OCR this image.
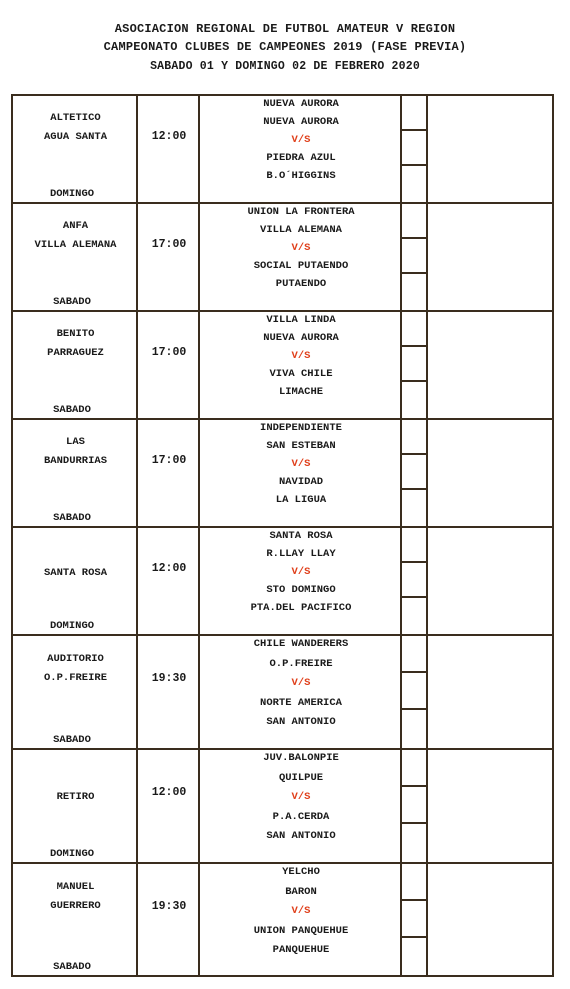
ASOCIACION REGIONAL DE FUTBOL AMATEUR V REGION
CAMPEONATO CLUBES DE CAMPEONES 2019 (FASE PREVIA)
SABADO 01 Y DOMINGO 02 DE FEBRERO 2020
ALTETICO
AGUA SANTA
DOMINGO
12:00
NUEVA AURORA
NUEVA AURORA
V/S
PIEDRA AZUL
B.O´HIGGINS
ANFA
VILLA ALEMANA
SABADO
17:00
UNION LA FRONTERA
VILLA ALEMANA
V/S
SOCIAL PUTAENDO
PUTAENDO
BENITO
PARRAGUEZ
SABADO
17:00
VILLA LINDA
NUEVA AURORA
V/S
VIVA CHILE
LIMACHE
LAS
BANDURRIAS
SABADO
17:00
INDEPENDIENTE
SAN ESTEBAN
V/S
NAVIDAD
LA LIGUA
SANTA ROSA
DOMINGO
12:00
SANTA ROSA
R.LLAY LLAY
V/S
STO DOMINGO
PTA.DEL PACIFICO
AUDITORIO
O.P.FREIRE
SABADO
19:30
CHILE WANDERERS
O.P.FREIRE
V/S
NORTE AMERICA
SAN ANTONIO
RETIRO
DOMINGO
12:00
JUV.BALONPIE
QUILPUE
V/S
P.A.CERDA
SAN ANTONIO
MANUEL
GUERRERO
SABADO
19:30
YELCHO
BARON
V/S
UNION PANQUEHUE
PANQUEHUE
